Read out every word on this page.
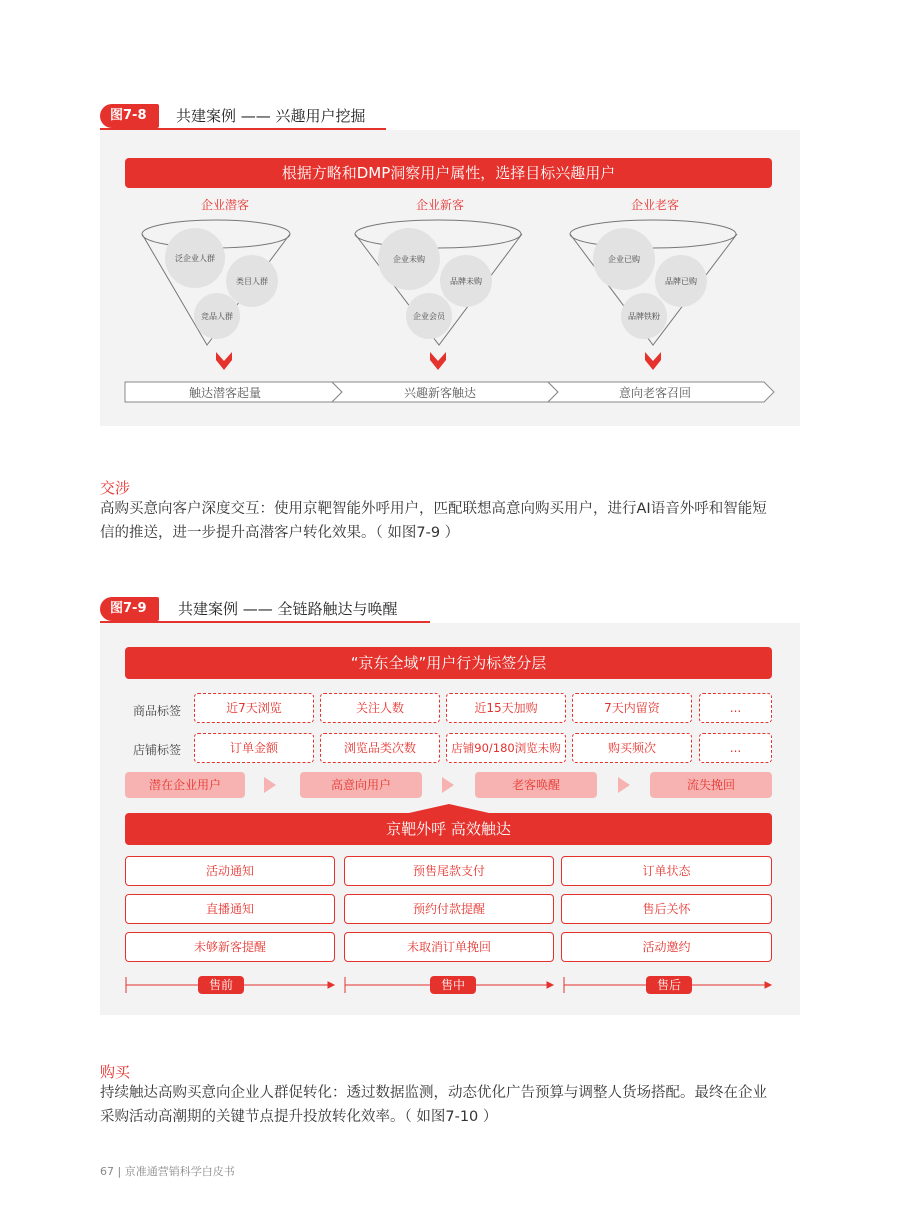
图7-8	共建案例 —— 兴趣用户挖掘
根据方略和DMP洞察用户属性，选择目标兴趣用户
企业潜客	企业新客	企业老客
泛企业人群
类目人群
竞品人群
企业未购
品牌未购
企业会员
企业已购
品牌已购
品牌铁粉
触达潜客起量	兴趣新客触达	意向老客召回
交涉
高购买意向客户深度交互：使用京靶智能外呼用户，匹配联想高意向购买用户，进行AI语音外呼和智能短
信的推送，进一步提升高潜客户转化效果。（ 如图7-9 ）
图7-9	共建案例 —— 全链路触达与唤醒
“京东全域”用户行为标签分层
商品标签	近7天浏览	关注人数	近15天加购	7天内留资	...
店铺标签	订单金额	浏览品类次数	店铺90/180浏览未购	购买频次	...
潜在企业用户	高意向用户	老客唤醒	流失挽回
京靶外呼 高效触达
活动通知	预售尾款支付	订单状态
直播通知	预约付款提醒	售后关怀
未够新客提醒	未取消订单挽回	活动邀约
售前	售中	售后
购买
持续触达高购买意向企业人群促转化：透过数据监测，动态优化广告预算与调整人货场搭配。最终在企业
采购活动高潮期的关键节点提升投放转化效率。（ 如图7-10 ）
67 | 京准通营销科学白皮书
